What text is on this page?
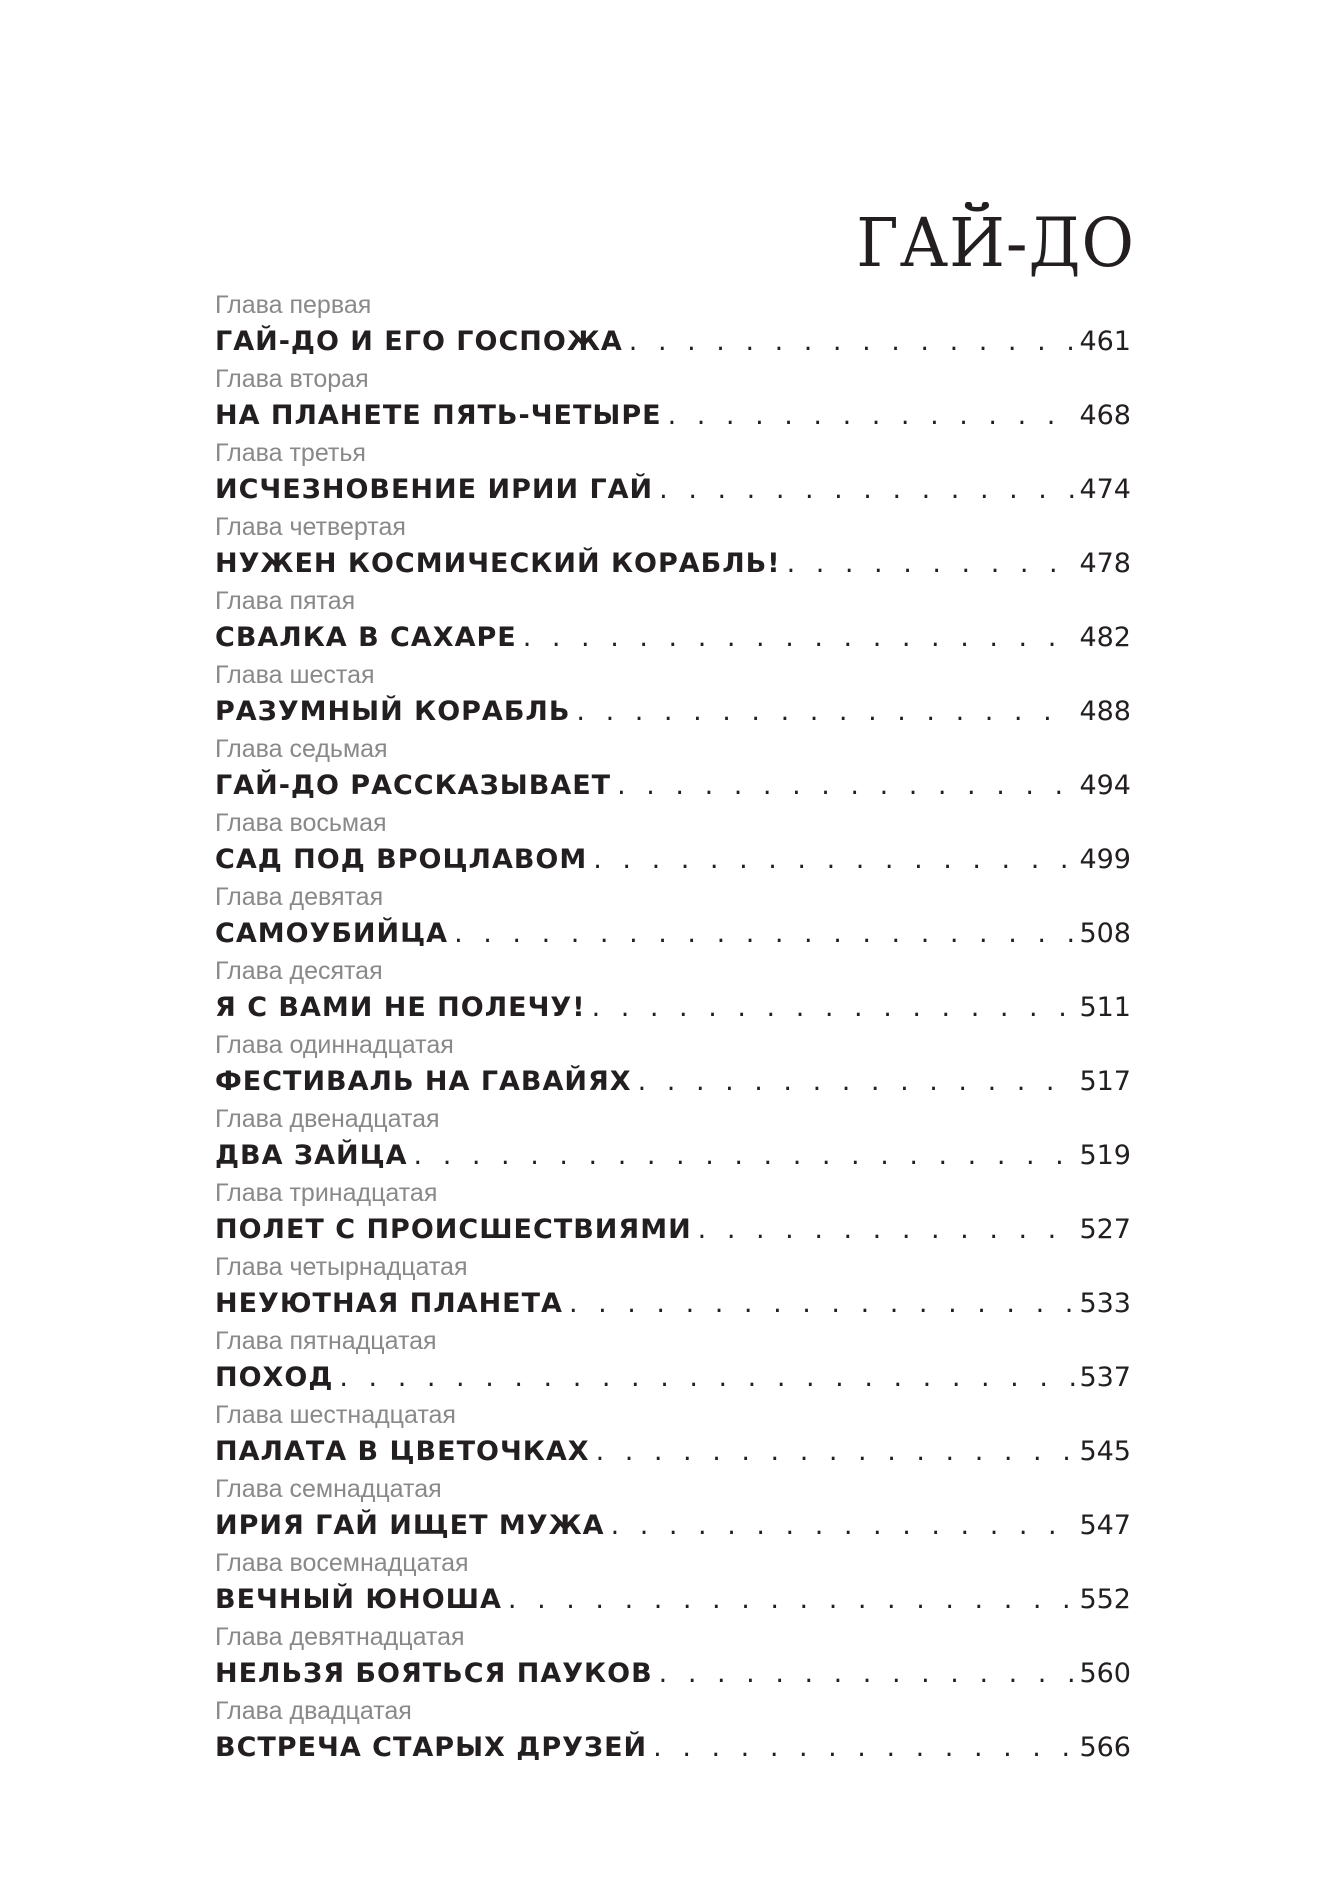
ГАЙ-ДО
Глава первая
ГАЙ-ДО И ЕГО ГОСПОЖА . . .	461
Глава вторая
НА ПЛАНЕТЕ ПЯТЬ-ЧЕТЫРЕ . . .	468
Глава третья
ИСЧЕЗНОВЕНИЕ ИРИИ ГАЙ . . .	474
Глава четвертая
НУЖЕН КОСМИЧЕСКИЙ КОРАБЛЬ! . . .	478
Глава пятая
СВАЛКА В САХАРЕ . . .	482
Глава шестая
РАЗУМНЫЙ КОРАБЛЬ . . .	488
Глава седьмая
ГАЙ-ДО РАССКАЗЫВАЕТ . . .	494
Глава восьмая
САД ПОД ВРОЦЛАВОМ . . .	499
Глава девятая
САМОУБИЙЦА . . .	508
Глава десятая
Я С ВАМИ НЕ ПОЛЕЧУ! . . .	511
Глава одиннадцатая
ФЕСТИВАЛЬ НА ГАВАЙЯХ . . .	517
Глава двенадцатая
ДВА ЗАЙЦА . . .	519
Глава тринадцатая
ПОЛЕТ С ПРОИСШЕСТВИЯМИ . . .	527
Глава четырнадцатая
НЕУЮТНАЯ ПЛАНЕТА . . .	533
Глава пятнадцатая
ПОХОД . . .	537
Глава шестнадцатая
ПАЛАТА В ЦВЕТОЧКАХ . . .	545
Глава семнадцатая
ИРИЯ ГАЙ ИЩЕТ МУЖА . . .	547
Глава восемнадцатая
ВЕЧНЫЙ ЮНОША . . .	552
Глава девятнадцатая
НЕЛЬЗЯ БОЯТЬСЯ ПАУКОВ . . .	560
Глава двадцатая
ВСТРЕЧА СТАРЫХ ДРУЗЕЙ . . .	566
